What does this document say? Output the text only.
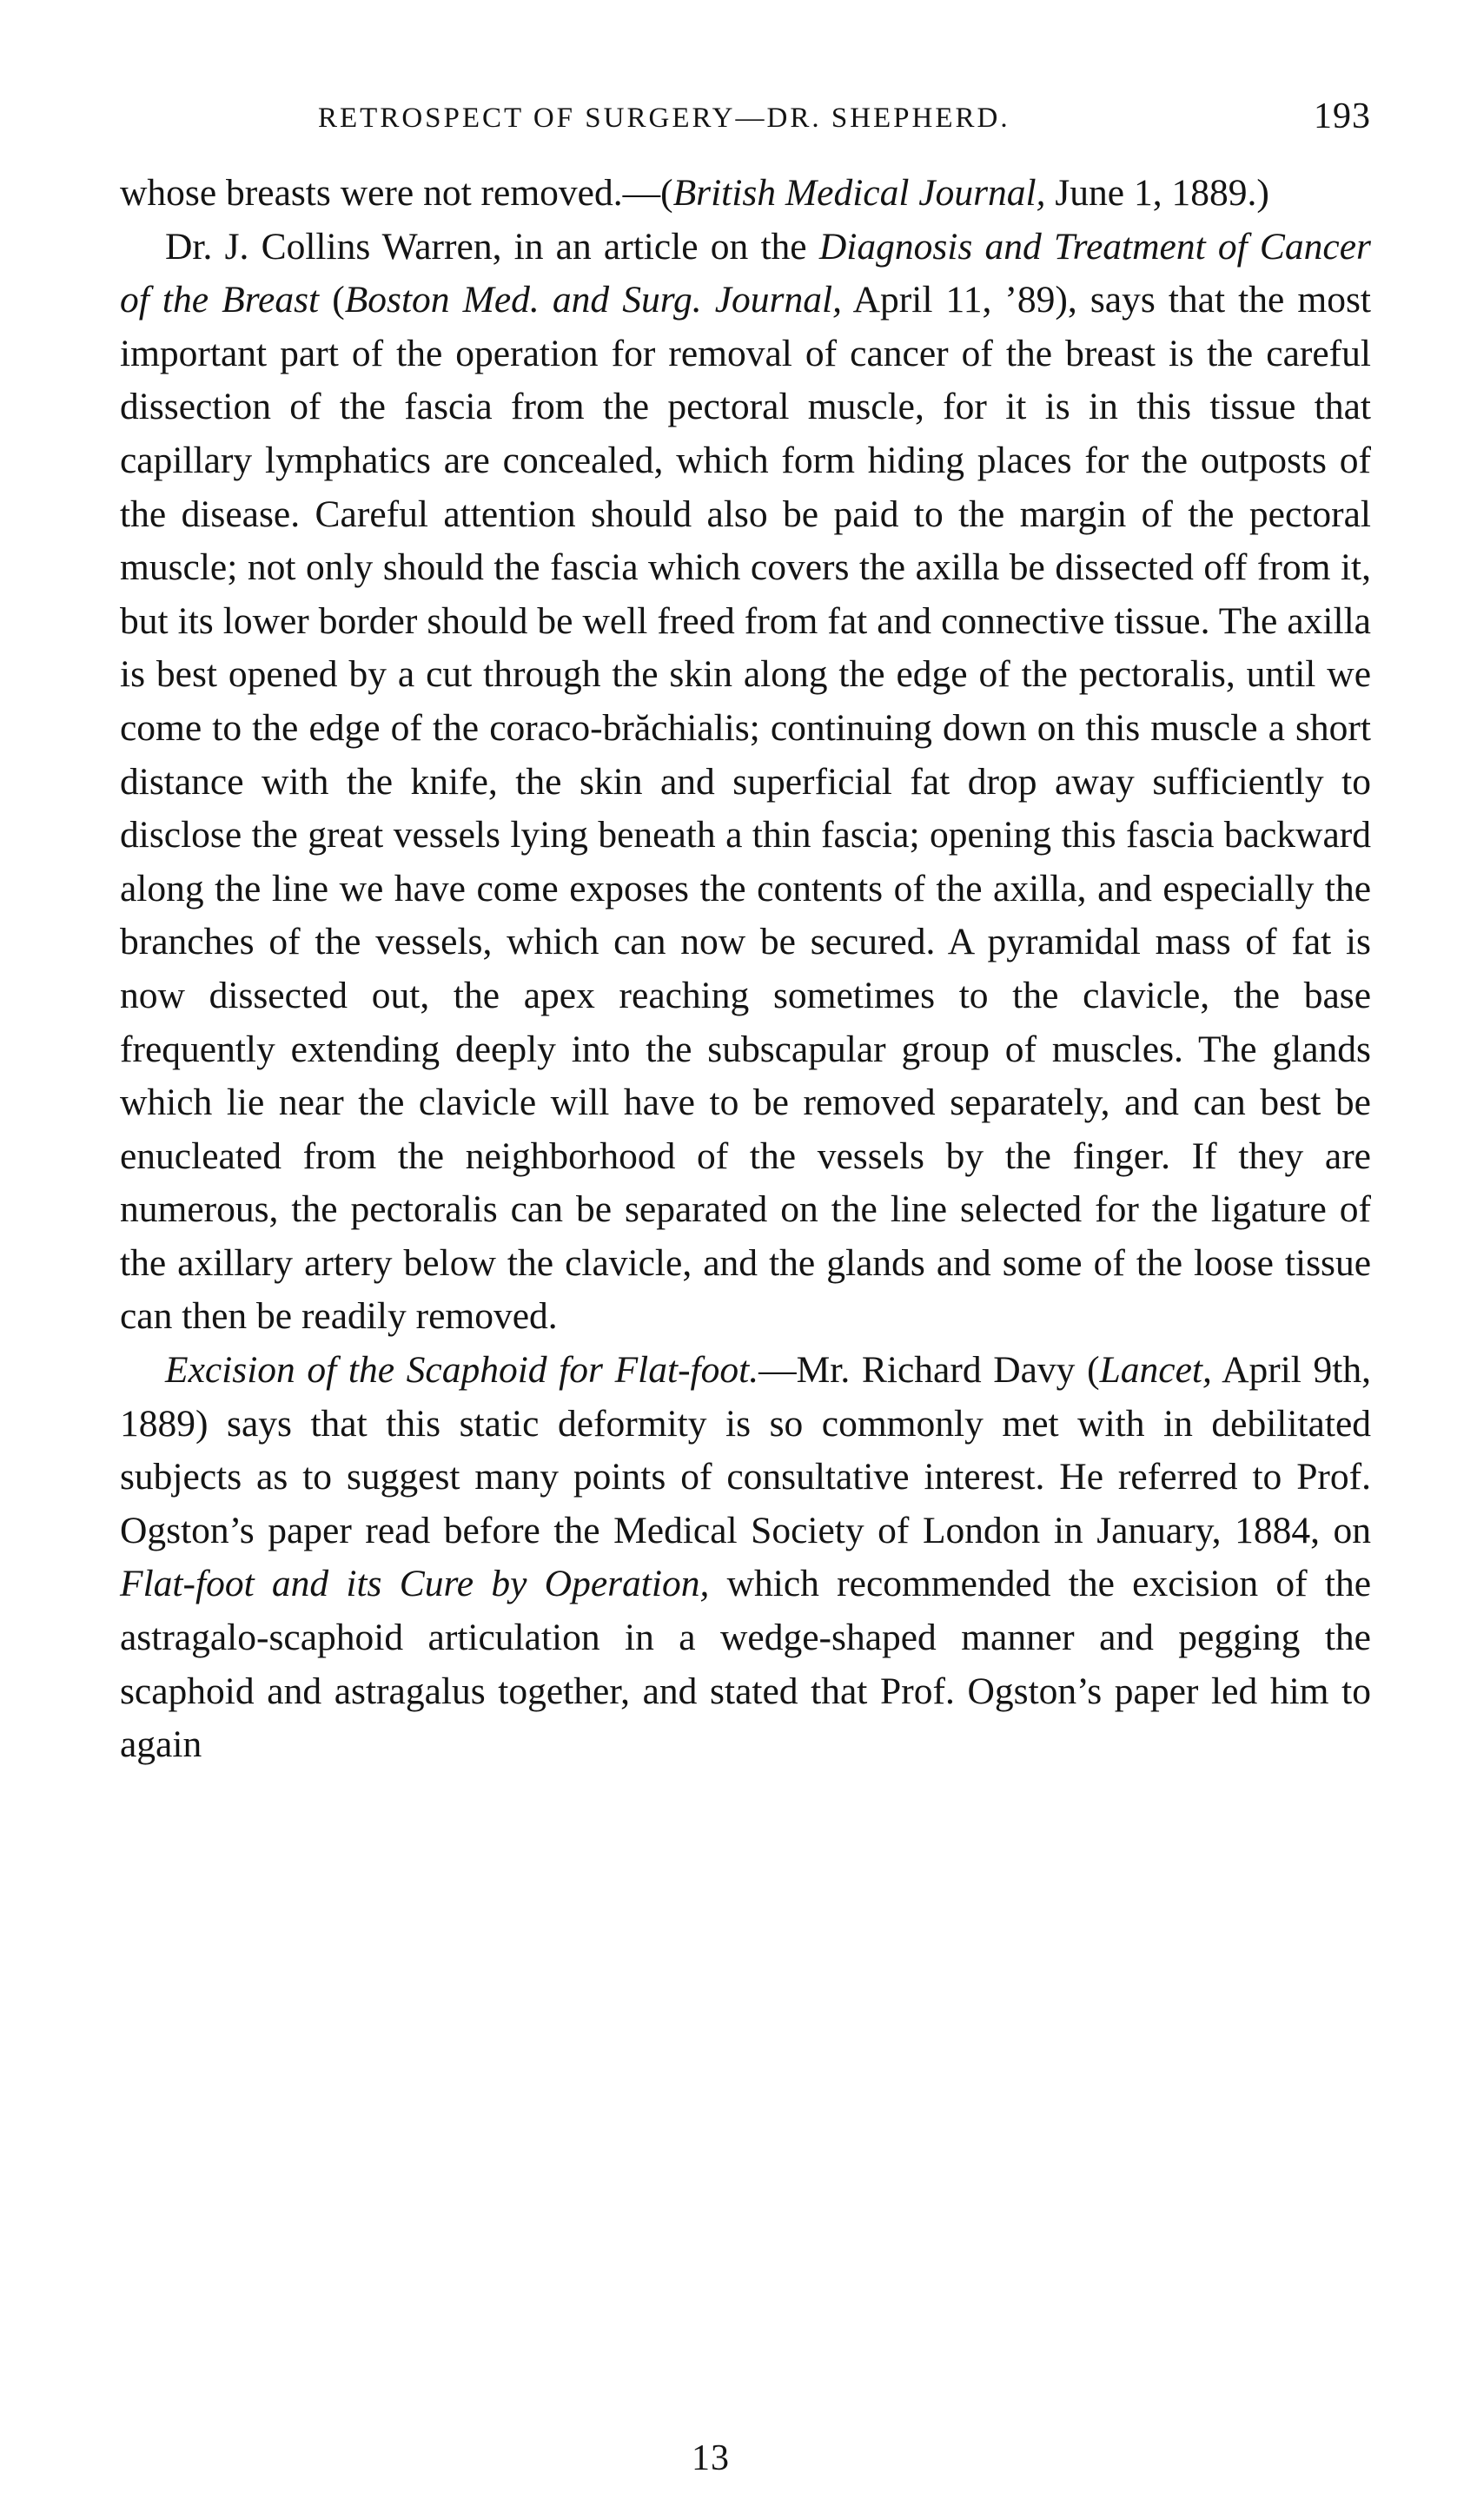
RETROSPECT OF SURGERY—DR. SHEPHERD.	193

whose breasts were not removed.—(British Medical Journal, June 1, 1889.)

Dr. J. Collins Warren, in an article on the Diagnosis and Treatment of Cancer of the Breast (Boston Med. and Surg. Journal, April 11, ’89), says that the most important part of the operation for removal of cancer of the breast is the careful dissection of the fascia from the pectoral muscle, for it is in this tissue that capillary lymphatics are concealed, which form hiding places for the outposts of the disease. Careful attention should also be paid to the margin of the pectoral muscle; not only should the fascia which covers the axilla be dissected off from it, but its lower border should be well freed from fat and connective tissue. The axilla is best opened by a cut through the skin along the edge of the pectoralis, until we come to the edge of the coraco-brăchialis; continuing down on this muscle a short distance with the knife, the skin and superficial fat drop away sufficiently to disclose the great vessels lying beneath a thin fascia; opening this fascia backward along the line we have come exposes the contents of the axilla, and especially the branches of the vessels, which can now be secured. A pyramidal mass of fat is now dissected out, the apex reaching sometimes to the clavicle, the base frequently extending deeply into the subscapular group of muscles. The glands which lie near the clavicle will have to be removed separately, and can best be enucleated from the neighborhood of the vessels by the finger. If they are numerous, the pectoralis can be separated on the line selected for the ligature of the axillary artery below the clavicle, and the glands and some of the loose tissue can then be readily removed.

Excision of the Scaphoid for Flat-foot.—Mr. Richard Davy (Lancet, April 9th, 1889) says that this static deformity is so commonly met with in debilitated subjects as to suggest many points of consultative interest. He referred to Prof. Ogston’s paper read before the Medical Society of London in January, 1884, on Flat-foot and its Cure by Operation, which recommended the excision of the astragalo-scaphoid articulation in a wedge-shaped manner and pegging the scaphoid and astragalus together, and stated that Prof. Ogston’s paper led him to again

13
